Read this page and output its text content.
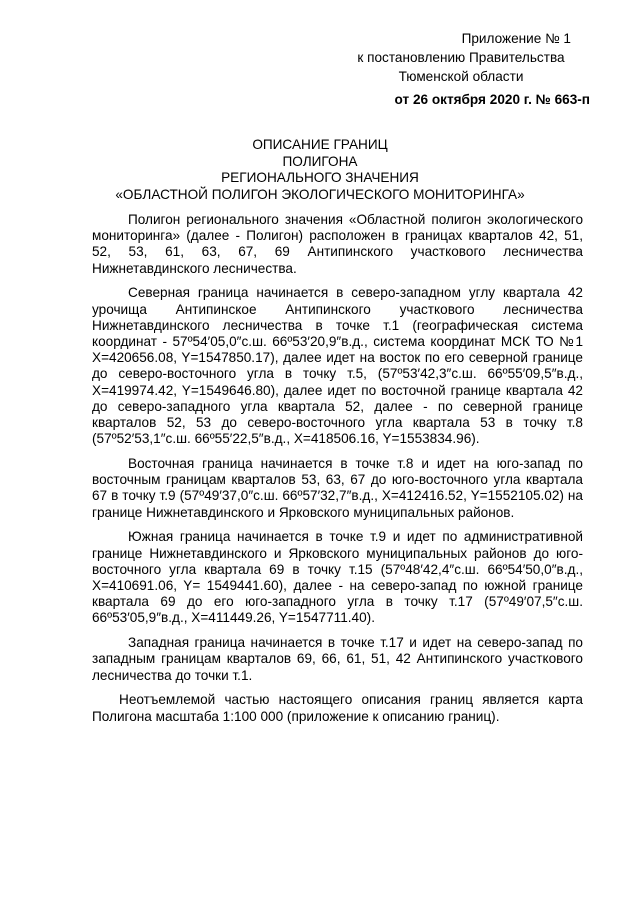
Приложение № 1
к постановлению Правительства
Тюменской области
от 26 октября 2020 г. № 663-п
ОПИСАНИЕ ГРАНИЦ
ПОЛИГОНА
РЕГИОНАЛЬНОГО ЗНАЧЕНИЯ
«ОБЛАСТНОЙ ПОЛИГОН ЭКОЛОГИЧЕСКОГО МОНИТОРИНГА»

Полигон регионального значения «Областной полигон экологического мониторинга» (далее - Полигон) расположен в границах кварталов 42, 51, 52, 53, 61, 63, 67, 69 Антипинского участкового лесничества Нижнетавдинского лесничества.

Северная граница начинается в северо-западном углу квартала 42 урочища Антипинское Антипинского участкового лесничества Нижнетавдинского лесничества в точке т.1 (географическая система координат - 57º54′05,0″с.ш. 66º53′20,9″в.д., система координат МСК ТО №1 X=420656.08, Y=1547850.17), далее идет на восток по его северной границе до северо-восточного угла в точку т.5, (57º53′42,3″с.ш. 66º55′09,5″в.д., X=419974.42, Y=1549646.80), далее идет по восточной границе квартала 42 до северо-западного угла квартала 52, далее - по северной границе кварталов 52, 53 до северо-восточного угла квартала 53 в точку т.8 (57º52′53,1″с.ш. 66º55′22,5″в.д., X=418506.16, Y=1553834.96).

Восточная граница начинается в точке т.8 и идет на юго-запад по восточным границам кварталов 53, 63, 67 до юго-восточного угла квартала 67 в точку т.9 (57º49′37,0″с.ш. 66º57′32,7″в.д., X=412416.52, Y=1552105.02) на границе Нижнетавдинского и Ярковского муниципальных районов.

Южная граница начинается в точке т.9 и идет по административной границе Нижнетавдинского и Ярковского муниципальных районов до юго-восточного угла квартала 69 в точку т.15 (57º48′42,4″с.ш. 66º54′50,0″в.д., X=410691.06, Y= 1549441.60), далее - на северо-запад по южной границе квартала 69 до его юго-западного угла в точку т.17 (57º49′07,5″с.ш. 66º53′05,9″в.д., X=411449.26, Y=1547711.40).

Западная граница начинается в точке т.17 и идет на северо-запад по западным границам кварталов 69, 66, 61, 51, 42 Антипинского участкового лесничества до точки т.1.

Неотъемлемой частью настоящего описания границ является карта Полигона масштаба 1:100 000 (приложение к описанию границ).
